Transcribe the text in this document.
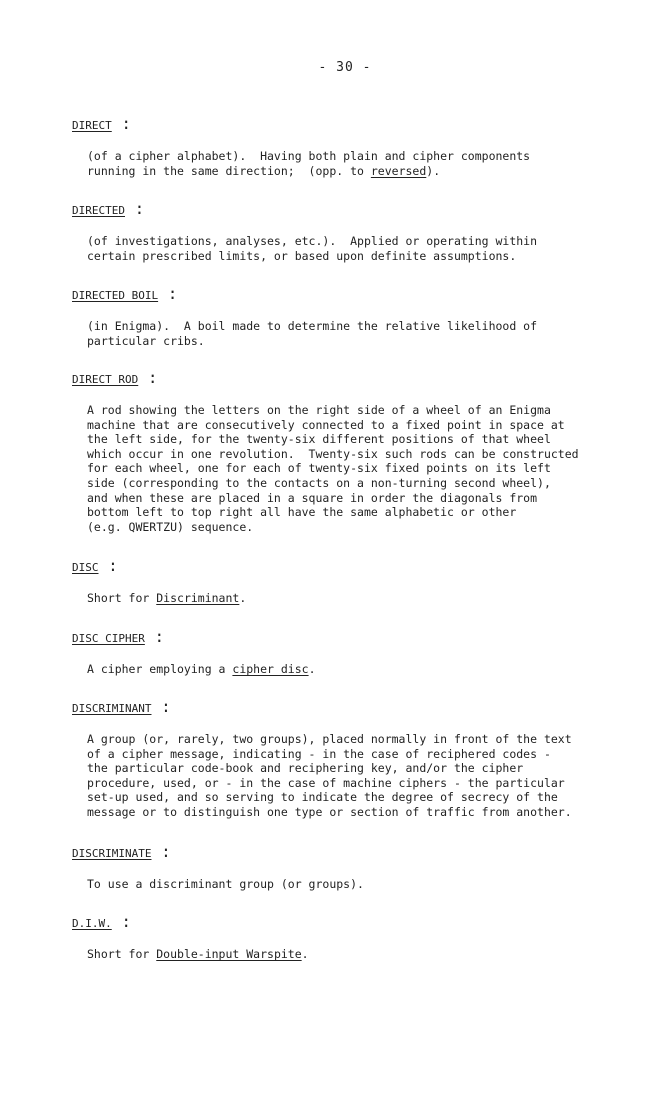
- 30 -
DIRECT :
(of a cipher alphabet).  Having both plain and cipher components
running in the same direction;  (opp. to reversed).
DIRECTED :
(of investigations, analyses, etc.).  Applied or operating within
certain prescribed limits, or based upon definite assumptions.
DIRECTED BOIL :
(in Enigma).  A boil made to determine the relative likelihood of
particular cribs.
DIRECT ROD :
A rod showing the letters on the right side of a wheel of an Enigma
machine that are consecutively connected to a fixed point in space at
the left side, for the twenty-six different positions of that wheel
which occur in one revolution.  Twenty-six such rods can be constructed
for each wheel, one for each of twenty-six fixed points on its left
side (corresponding to the contacts on a non-turning second wheel),
and when these are placed in a square in order the diagonals from
bottom left to top right all have the same alphabetic or other
(e.g. QWERTZU) sequence.
DISC :
Short for Discriminant.
DISC CIPHER :
A cipher employing a cipher disc.
DISCRIMINANT :
A group (or, rarely, two groups), placed normally in front of the text
of a cipher message, indicating - in the case of reciphered codes -
the particular code-book and reciphering key, and/or the cipher
procedure, used, or - in the case of machine ciphers - the particular
set-up used, and so serving to indicate the degree of secrecy of the
message or to distinguish one type or section of traffic from another.
DISCRIMINATE :
To use a discriminant group (or groups).
D.I.W. :
Short for Double-input Warspite.
